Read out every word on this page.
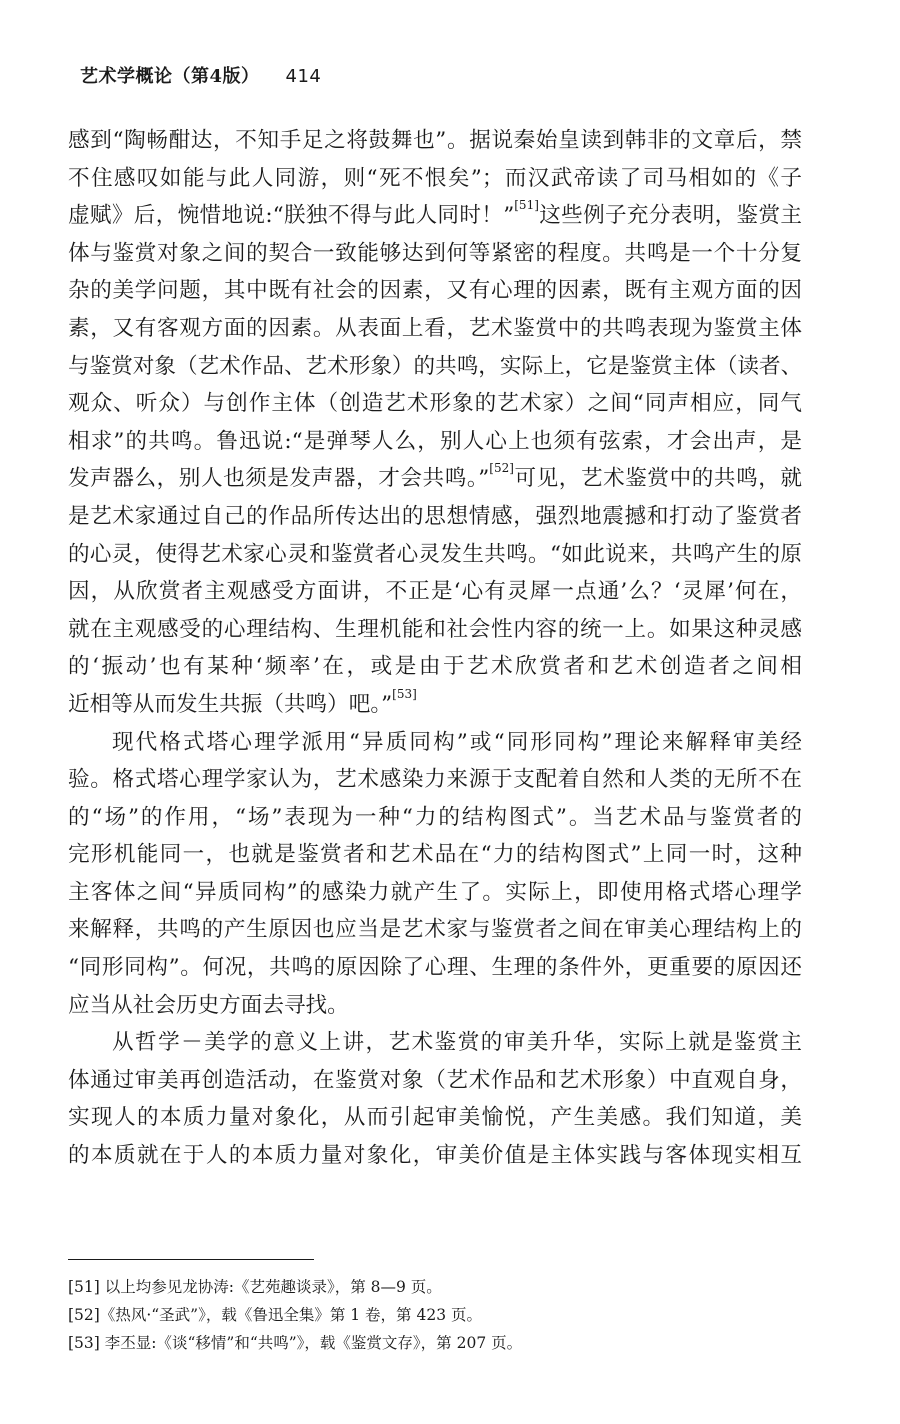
艺术学概论（第4版） 414
感到“陶畅酣达，不知手足之将鼓舞也”。据说秦始皇读到韩非的文章后，禁
不住感叹如能与此人同游，则“死不恨矣”；而汉武帝读了司马相如的《子
虚赋》后，惋惜地说:“朕独不得与此人同时！”[51]这些例子充分表明，鉴赏主
体与鉴赏对象之间的契合一致能够达到何等紧密的程度。共鸣是一个十分复
杂的美学问题，其中既有社会的因素，又有心理的因素，既有主观方面的因
素，又有客观方面的因素。从表面上看，艺术鉴赏中的共鸣表现为鉴赏主体
与鉴赏对象（艺术作品、艺术形象）的共鸣，实际上，它是鉴赏主体（读者、
观众、听众）与创作主体（创造艺术形象的艺术家）之间“同声相应，同气
相求”的共鸣。鲁迅说:“是弹琴人么，别人心上也须有弦索，才会出声，是
发声器么，别人也须是发声器，才会共鸣。”[52]可见，艺术鉴赏中的共鸣，就
是艺术家通过自己的作品所传达出的思想情感，强烈地震撼和打动了鉴赏者
的心灵，使得艺术家心灵和鉴赏者心灵发生共鸣。“如此说来，共鸣产生的原
因，从欣赏者主观感受方面讲，不正是‘心有灵犀一点通’么？‘灵犀’何在，
就在主观感受的心理结构、生理机能和社会性内容的统一上。如果这种灵感
的‘振动’也有某种‘频率’在，或是由于艺术欣赏者和艺术创造者之间相
近相等从而发生共振（共鸣）吧。”[53]
现代格式塔心理学派用“异质同构”或“同形同构”理论来解释审美经
验。格式塔心理学家认为，艺术感染力来源于支配着自然和人类的无所不在
的“场”的作用，“场”表现为一种“力的结构图式”。当艺术品与鉴赏者的
完形机能同一，也就是鉴赏者和艺术品在“力的结构图式”上同一时，这种
主客体之间“异质同构”的感染力就产生了。实际上，即使用格式塔心理学
来解释，共鸣的产生原因也应当是艺术家与鉴赏者之间在审美心理结构上的
“同形同构”。何况，共鸣的原因除了心理、生理的条件外，更重要的原因还
应当从社会历史方面去寻找。
从哲学－美学的意义上讲，艺术鉴赏的审美升华，实际上就是鉴赏主
体通过审美再创造活动，在鉴赏对象（艺术作品和艺术形象）中直观自身，
实现人的本质力量对象化，从而引起审美愉悦，产生美感。我们知道，美
的本质就在于人的本质力量对象化，审美价值是主体实践与客体现实相互
[51] 以上均参见龙协涛:《艺苑趣谈录》，第 8—9 页。
[52]《热风·“圣武”》，载《鲁迅全集》第 1 卷，第 423 页。
[53] 李丕显:《谈“移情”和“共鸣”》，载《鉴赏文存》，第 207 页。
